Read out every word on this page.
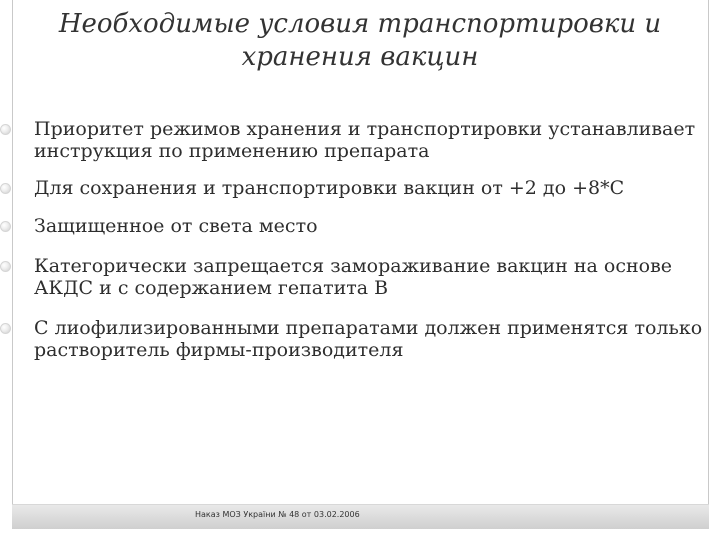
Необходимые условия транспортировки и хранения вакцин
Приоритет режимов хранения и транспортировки устанавливает инструкция по применению препарата
Для сохранения и транспортировки вакцин от +2 до +8*С
Защищенное от света место
Категорически запрещается замораживание вакцин на основе АКДС и с содержанием гепатита В
С лиофилизированными препаратами должен применятся только растворитель фирмы-производителя
Наказ МОЗ України № 48 от 03.02.2006
